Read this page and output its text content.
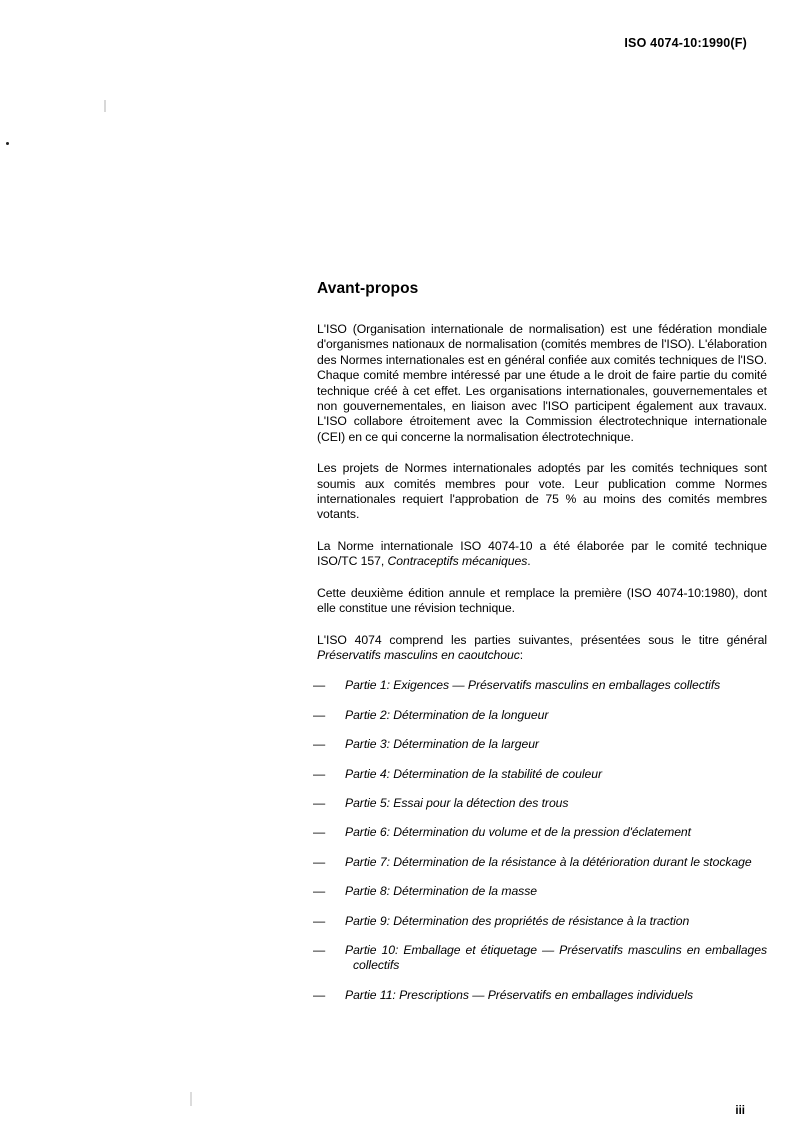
ISO 4074-10:1990(F)
Avant-propos

L'ISO (Organisation internationale de normalisation) est une fédération mondiale d'organismes nationaux de normalisation (comités membres de l'ISO). L'élaboration des Normes internationales est en général confiée aux comités techniques de l'ISO. Chaque comité membre intéressé par une étude a le droit de faire partie du comité technique créé à cet effet. Les organisations internationales, gouvernementales et non gouvernementales, en liaison avec l'ISO participent également aux travaux. L'ISO collabore étroitement avec la Commission électrotechnique internationale (CEI) en ce qui concerne la normalisation électrotechnique.

Les projets de Normes internationales adoptés par les comités techniques sont soumis aux comités membres pour vote. Leur publication comme Normes internationales requiert l'approbation de 75 % au moins des comités membres votants.

La Norme internationale ISO 4074-10 a été élaborée par le comité technique ISO/TC 157, Contraceptifs mécaniques.

Cette deuxième édition annule et remplace la première (ISO 4074-10:1980), dont elle constitue une révision technique.

L'ISO 4074 comprend les parties suivantes, présentées sous le titre général Préservatifs masculins en caoutchouc:

— Partie 1: Exigences — Préservatifs masculins en emballages collectifs
— Partie 2: Détermination de la longueur
— Partie 3: Détermination de la largeur
— Partie 4: Détermination de la stabilité de couleur
— Partie 5: Essai pour la détection des trous
— Partie 6: Détermination du volume et de la pression d'éclatement
— Partie 7: Détermination de la résistance à la détérioration durant le stockage
— Partie 8: Détermination de la masse
— Partie 9: Détermination des propriétés de résistance à la traction
— Partie 10: Emballage et étiquetage — Préservatifs masculins en emballages collectifs
— Partie 11: Prescriptions — Préservatifs en emballages individuels
iii
